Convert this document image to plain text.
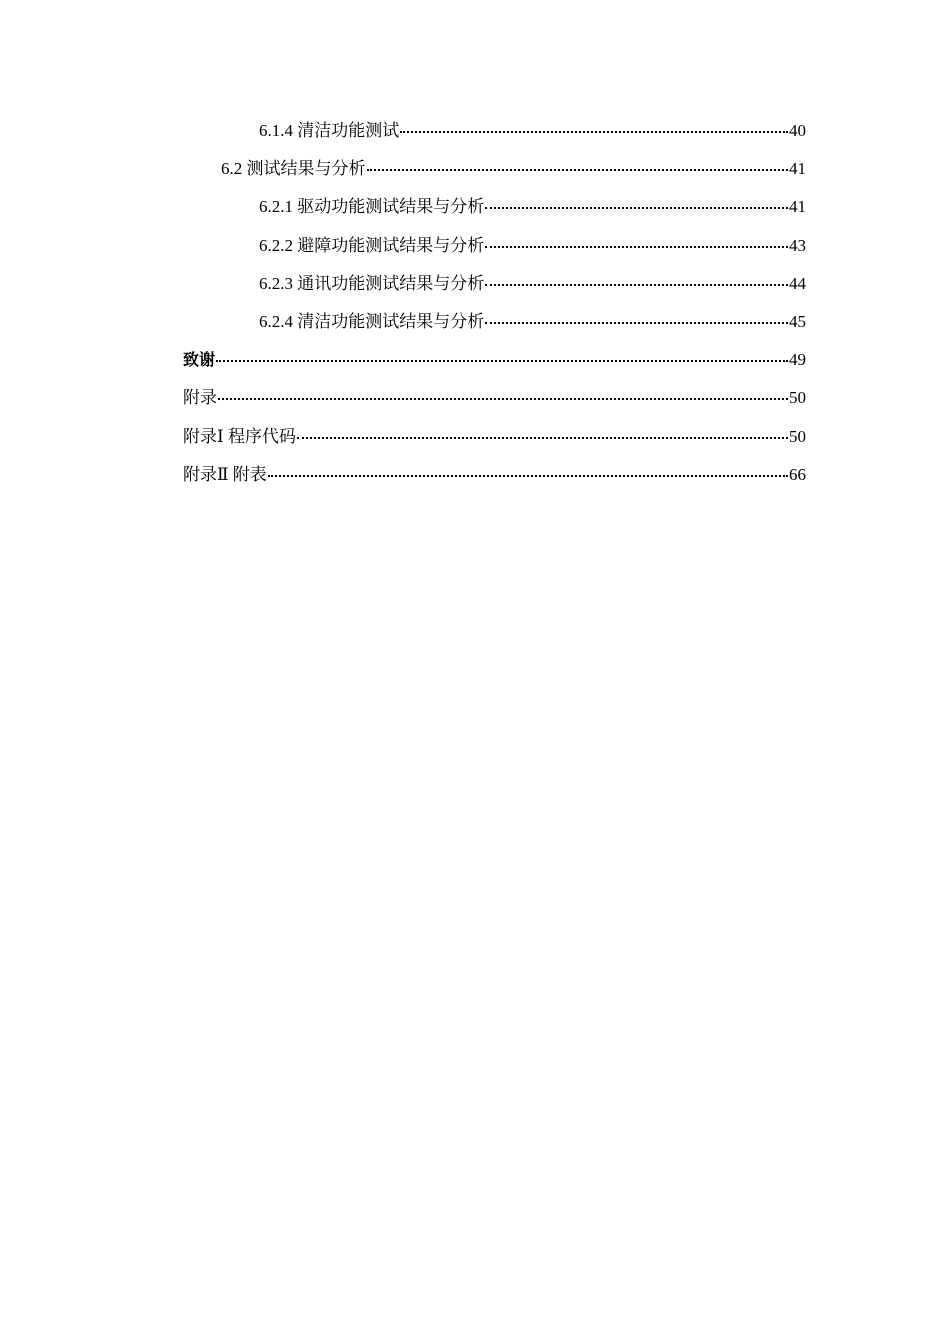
6.1.4 清洁功能测试	40
6.2 测试结果与分析	41
6.2.1 驱动功能测试结果与分析	41
6.2.2 避障功能测试结果与分析	43
6.2.3 通讯功能测试结果与分析	44
6.2.4 清洁功能测试结果与分析	45
致谢	49
附录	50
附录Ⅰ 程序代码	50
附录Ⅱ 附表	66
